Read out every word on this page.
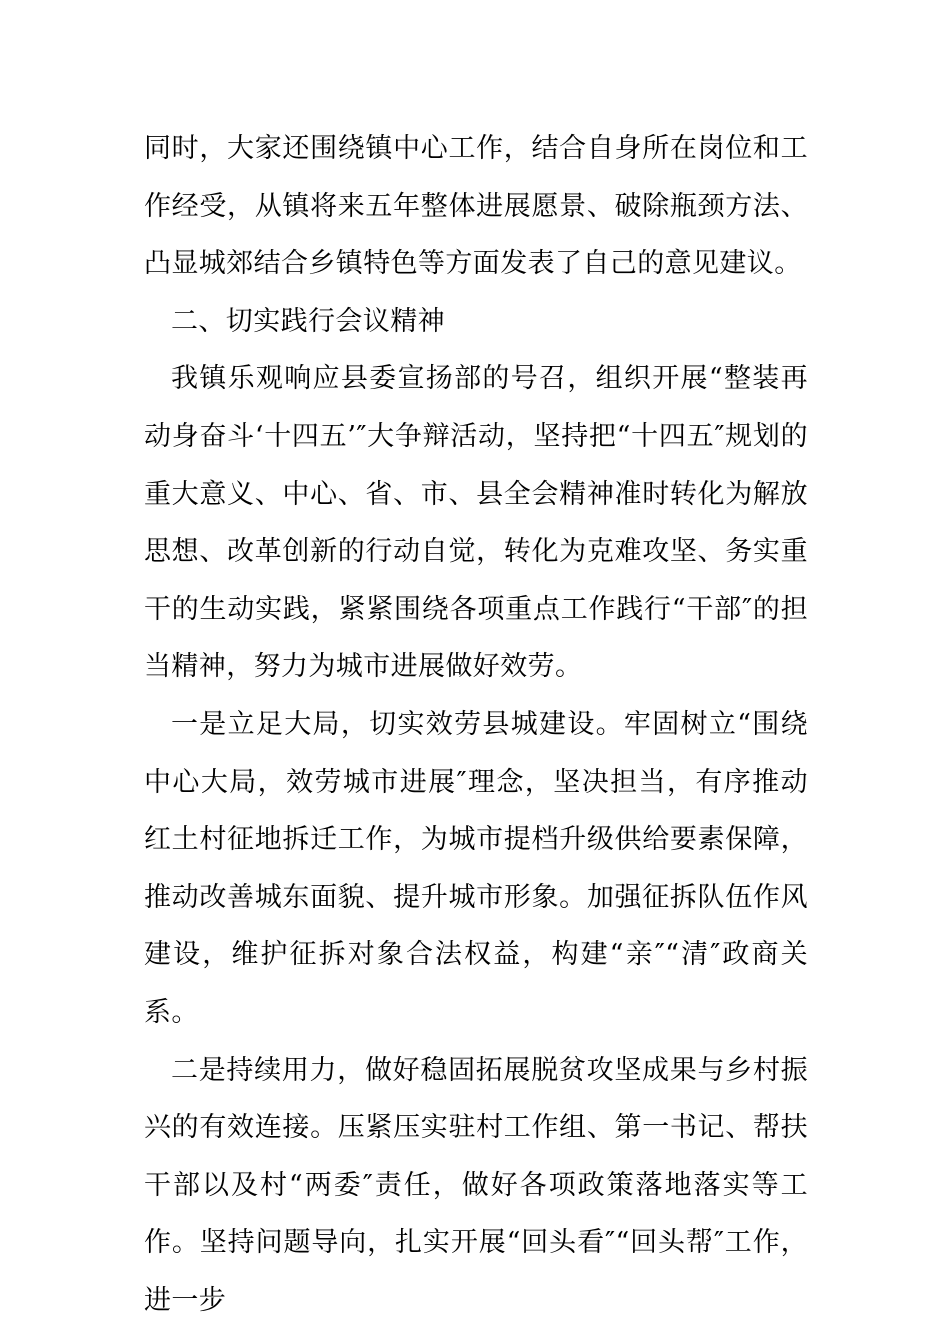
同时，大家还围绕镇中心工作，结合自身所在岗位和工作经受，从镇将来五年整体进展愿景、破除瓶颈方法、凸显城郊结合乡镇特色等方面发表了自己的意见建议。

二、切实践行会议精神

我镇乐观响应县委宣扬部的号召，组织开展“整装再动身奋斗‘十四五’″大争辩活动，坚持把“十四五″规划的重大意义、中心、省、市、县全会精神准时转化为解放思想、改革创新的行动自觉，转化为克难攻坚、务实重干的生动实践，紧紧围绕各项重点工作践行“干部″的担当精神，努力为城市进展做好效劳。

一是立足大局，切实效劳县城建设。牢固树立“围绕中心大局，效劳城市进展″理念，坚决担当，有序推动红土村征地拆迁工作，为城市提档升级供给要素保障，推动改善城东面貌、提升城市形象。加强征拆队伍作风建设，维护征拆对象合法权益，构建“亲″“清″政商关系。

二是持续用力，做好稳固拓展脱贫攻坚成果与乡村振兴的有效连接。压紧压实驻村工作组、第一书记、帮扶干部以及村“两委″责任，做好各项政策落地落实等工作。坚持问题导向，扎实开展“回头看″“回头帮″工作，进一步
